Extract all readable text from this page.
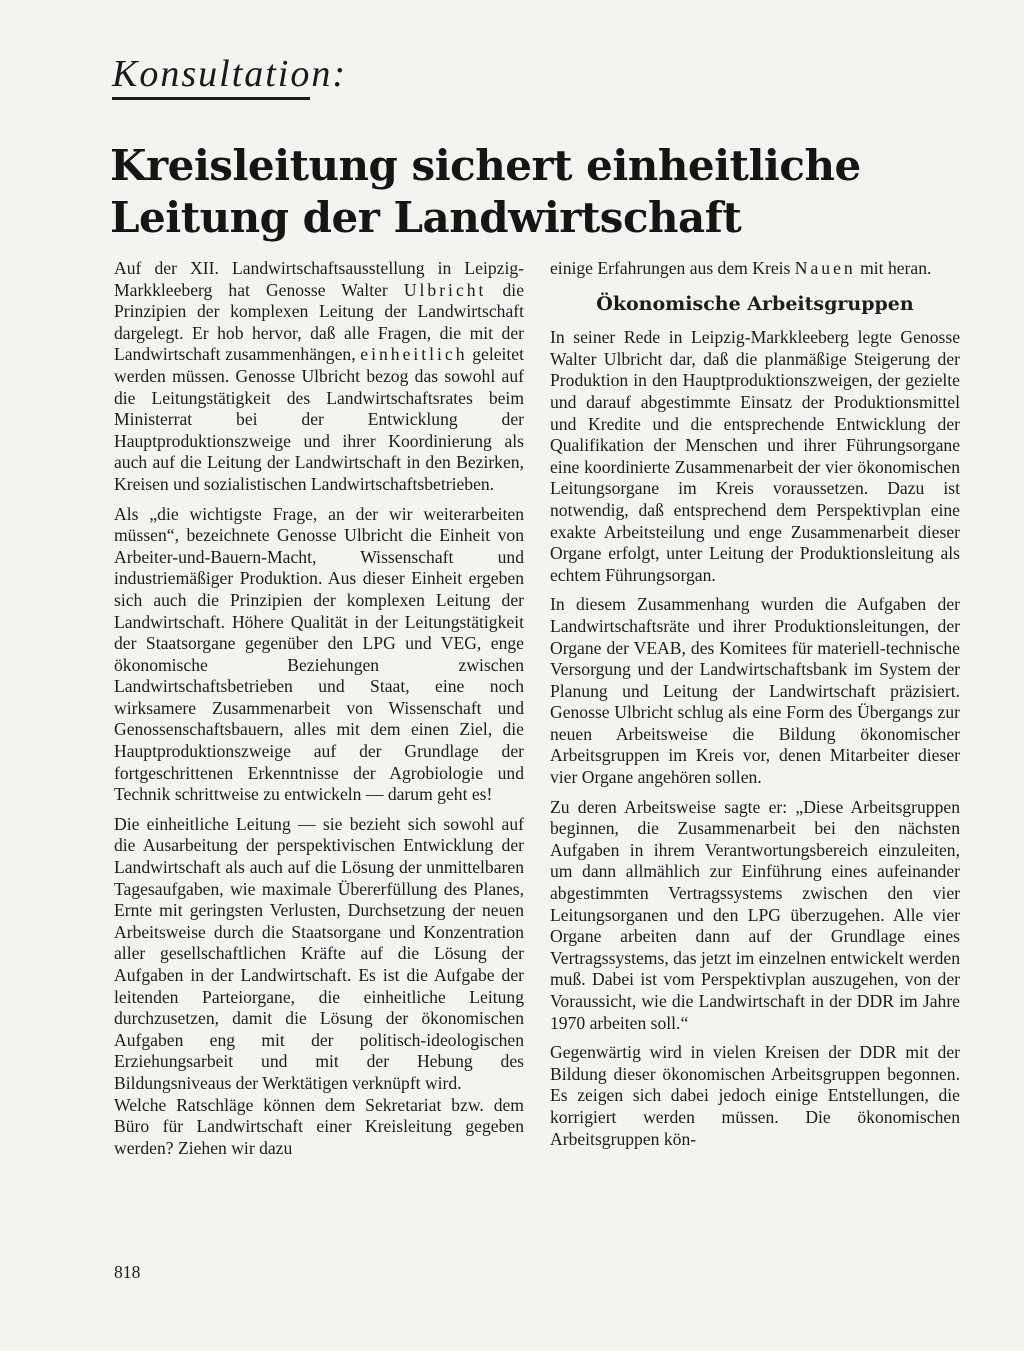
Konsultation:
Kreisleitung sichert einheitliche Leitung der Landwirtschaft

Auf der XII. Landwirtschaftsausstellung in Leipzig-Markkleeberg hat Genosse Walter Ulbricht die Prinzipien der komplexen Leitung der Landwirtschaft dargelegt. Er hob hervor, daß alle Fragen, die mit der Landwirtschaft zusammenhängen, einheitlich geleitet werden müssen. Genosse Ulbricht bezog das sowohl auf die Leitungstätigkeit des Landwirtschaftsrates beim Ministerrat bei der Entwicklung der Hauptproduktionszweige und ihrer Koordinierung als auch auf die Leitung der Landwirtschaft in den Bezirken, Kreisen und sozialistischen Landwirtschaftsbetrieben.

Als „die wichtigste Frage, an der wir weiterarbeiten müssen“, bezeichnete Genosse Ulbricht die Einheit von Arbeiter-und-Bauern-Macht, Wissenschaft und industriemäßiger Produktion. Aus dieser Einheit ergeben sich auch die Prinzipien der komplexen Leitung der Landwirtschaft. Höhere Qualität in der Leitungstätigkeit der Staatsorgane gegenüber den LPG und VEG, enge ökonomische Beziehungen zwischen Landwirtschaftsbetrieben und Staat, eine noch wirksamere Zusammenarbeit von Wissenschaft und Genossenschaftsbauern, alles mit dem einen Ziel, die Hauptproduktionszweige auf der Grundlage der fortgeschrittenen Erkenntnisse der Agrobiologie und Technik schrittweise zu entwickeln — darum geht es!

Die einheitliche Leitung — sie bezieht sich sowohl auf die Ausarbeitung der perspektivischen Entwicklung der Landwirtschaft als auch auf die Lösung der unmittelbaren Tagesaufgaben, wie maximale Übererfüllung des Planes, Ernte mit geringsten Verlusten, Durchsetzung der neuen Arbeitsweise durch die Staatsorgane und Konzentration aller gesellschaftlichen Kräfte auf die Lösung der Aufgaben in der Landwirtschaft. Es ist die Aufgabe der leitenden Parteiorgane, die einheitliche Leitung durchzusetzen, damit die Lösung der ökonomischen Aufgaben eng mit der politisch-ideologischen Erziehungsarbeit und mit der Hebung des Bildungsniveaus der Werktätigen verknüpft wird.

Welche Ratschläge können dem Sekretariat bzw. dem Büro für Landwirtschaft einer Kreisleitung gegeben werden? Ziehen wir dazu

einige Erfahrungen aus dem Kreis Nauen mit heran.

Ökonomische Arbeitsgruppen

In seiner Rede in Leipzig-Markkleeberg legte Genosse Walter Ulbricht dar, daß die planmäßige Steigerung der Produktion in den Hauptproduktionszweigen, der gezielte und darauf abgestimmte Einsatz der Produktionsmittel und Kredite und die entsprechende Entwicklung der Qualifikation der Menschen und ihrer Führungsorgane eine koordinierte Zusammenarbeit der vier ökonomischen Leitungsorgane im Kreis voraussetzen. Dazu ist notwendig, daß entsprechend dem Perspektivplan eine exakte Arbeitsteilung und enge Zusammenarbeit dieser Organe erfolgt, unter Leitung der Produktionsleitung als echtem Führungsorgan.

In diesem Zusammenhang wurden die Aufgaben der Landwirtschaftsräte und ihrer Produktionsleitungen, der Organe der VEAB, des Komitees für materiell-technische Versorgung und der Landwirtschaftsbank im System der Planung und Leitung der Landwirtschaft präzisiert. Genosse Ulbricht schlug als eine Form des Übergangs zur neuen Arbeitsweise die Bildung ökonomischer Arbeitsgruppen im Kreis vor, denen Mitarbeiter dieser vier Organe angehören sollen.

Zu deren Arbeitsweise sagte er: „Diese Arbeitsgruppen beginnen, die Zusammenarbeit bei den nächsten Aufgaben in ihrem Verantwortungsbereich einzuleiten, um dann allmählich zur Einführung eines aufeinander abgestimmten Vertragssystems zwischen den vier Leitungsorganen und den LPG überzugehen. Alle vier Organe arbeiten dann auf der Grundlage eines Vertragssystems, das jetzt im einzelnen entwickelt werden muß. Dabei ist vom Perspektivplan auszugehen, von der Voraussicht, wie die Landwirtschaft in der DDR im Jahre 1970 arbeiten soll.“

Gegenwärtig wird in vielen Kreisen der DDR mit der Bildung dieser ökonomischen Arbeitsgruppen begonnen. Es zeigen sich dabei jedoch einige Entstellungen, die korrigiert werden müssen. Die ökonomischen Arbeitsgruppen kön-

818
